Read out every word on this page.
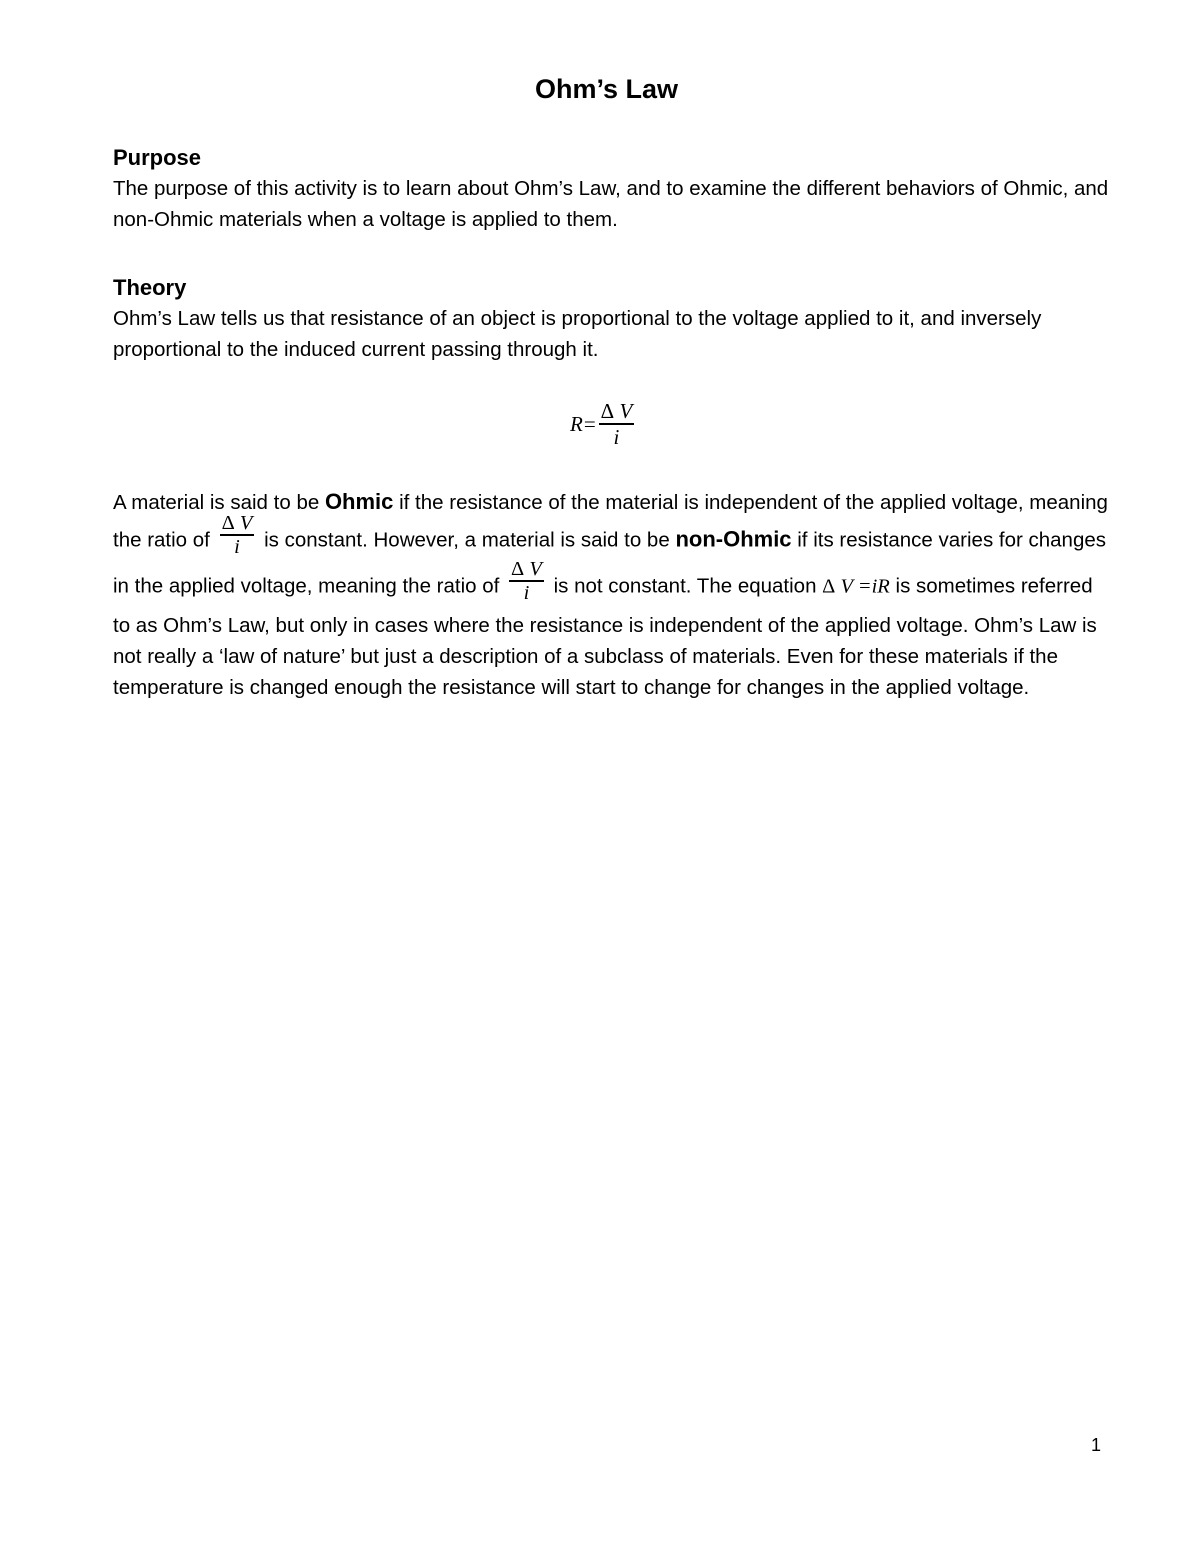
Ohm’s Law
Purpose
The purpose of this activity is to learn about Ohm’s Law, and to examine the different behaviors of Ohmic, and non-Ohmic materials when a voltage is applied to them.
Theory
Ohm’s Law tells us that resistance of an object is proportional to the voltage applied to it, and inversely proportional to the induced current passing through it.
$R = \frac{\text{Δ V}}{i}$
A material is said to be Ohmic if the resistance of the material is independent of the applied voltage, meaning the ratio of $\frac{\text{Δ V}}{i}$ is constant. However, a material is said to be non-Ohmic if its resistance varies for changes in the applied voltage, meaning the ratio of $\frac{\text{Δ V}}{i}$ is not constant. The equation Δ V =iR is sometimes referred to as Ohm’s Law, but only in cases where the resistance is independent of the applied voltage. Ohm’s Law is not really a ‘law of nature’ but just a description of a subclass of materials. Even for these materials if the temperature is changed enough the resistance will start to change for changes in the applied voltage.
1
